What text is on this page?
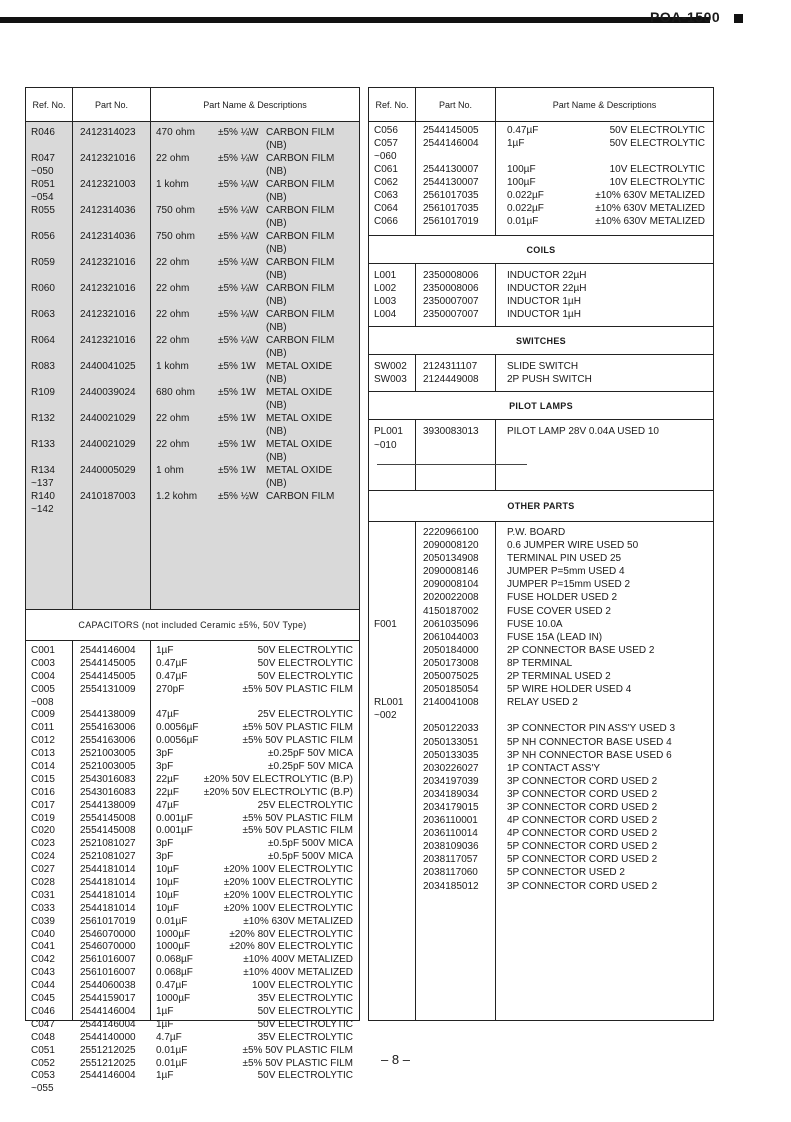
POA-1500
Ref. No.	Part No.	Part Name & Descriptions
R046	2412314023	470 ohm ±5% ¼W CARBON FILM
(NB)
R047	2412321016	22 ohm	±5% ¼W CARBON FILM
~050	(NB)
R051	2412321003	1 kohm	±5% ¼W CARBON FILM
~054	(NB)
R055	2412314036	750 ohm ±5% ¼W CARBON FILM
(NB)
R056	2412314036	750 ohm ±5% ¼W CARBON FILM
(NB)
R059	2412321016	22 ohm	±5% ¼W CARBON FILM
(NB)
R060	2412321016	22 ohm	±5% ¼W CARBON FILM
(NB)
R063	2412321016	22 ohm	±5% ¼W CARBON FILM
(NB)
R064	2412321016	22 ohm	±5% ¼W CARBON FILM
(NB)
R083	2440041025	1 kohm	±5% 1W METAL OXIDE
(NB)
R109	2440039024	680 ohm ±5% 1W METAL OXIDE
(NB)
R132	2440021029	22 ohm	±5% 1W METAL OXIDE
(NB)
R133	2440021029	22 ohm	±5% 1W METAL OXIDE
(NB)
R134	2440005029	1 ohm	±5% 1W METAL OXIDE
~137	(NB)
R140	2410187003	1.2 kohm ±5% ½W CARBON FILM
~142
CAPACITORS (not included Ceramic ±5%, 50V Type)
C001	2544146004	1µF	50V ELECTROLYTIC
C003	2544145005	0.47µF	50V ELECTROLYTIC
C004	2544145005	0.47µF	50V ELECTROLYTIC
C005	2554131009	270pF	±5% 50V PLASTIC FILM
~008
C009	2544138009	47µF	25V ELECTROLYTIC
C011	2554163006	0.0056µF	±5% 50V PLASTIC FILM
C012	2554163006	0.0056µF	±5% 50V PLASTIC FILM
C013	2521003005	3pF	±0.25pF 50V MICA
C014	2521003005	3pF	±0.25pF 50V MICA
C015	2543016083	22µF ±20% 50V ELECTROLYTIC (B.P)
C016	2543016083	22µF ±20% 50V ELECTROLYTIC (B.P)
C017	2544138009	47µF	25V ELECTROLYTIC
C019	2554145008	0.001µF	±5% 50V PLASTIC FILM
C020	2554145008	0.001µF	±5% 50V PLASTIC FILM
C023	2521081027	3pF	±0.5pF 500V MICA
C024	2521081027	3pF	±0.5pF 500V MICA
C027	2544181014	10µF	±20% 100V ELECTROLYTIC
C028	2544181014	10µF	±20% 100V ELECTROLYTIC
C031	2544181014	10µF	±20% 100V ELECTROLYTIC
C033	2544181014	10µF	±20% 100V ELECTROLYTIC
C039	2561017019	0.01µF	±10% 630V METALIZED
C040	2546070000	1000µF	±20% 80V ELECTROLYTIC
C041	2546070000	1000µF	±20% 80V ELECTROLYTIC
C042	2561016007	0.068µF	±10% 400V METALIZED
C043	2561016007	0.068µF	±10% 400V METALIZED
C044	2544060038	0.47µF	100V ELECTROLYTIC
C045	2544159017	1000µF	35V ELECTROLYTIC
C046	2544146004	1µF	50V ELECTROLYTIC
C047	2544146004	1µF	50V ELECTROLYTIC
C048	2544140000	4.7µF	35V ELECTROLYTIC
C051	2551212025	0.01µF	±5% 50V PLASTIC FILM
C052	2551212025	0.01µF	±5% 50V PLASTIC FILM
C053	2544146004	1µF	50V ELECTROLYTIC
~055
Ref. No.	Part No.	Part Name & Descriptions
C056	2544145005	0.47µF	50V ELECTROLYTIC
C057	2544146004	1µF	50V ELECTROLYTIC
~060
C061	2544130007	100µF	10V ELECTROLYTIC
C062	2544130007	100µF	10V ELECTROLYTIC
C063	2561017035	0.022µF	±10% 630V METALIZED
C064	2561017035	0.022µF	±10% 630V METALIZED
C066	2561017019	0.01µF	±10% 630V METALIZED
COILS
L001	2350008006	INDUCTOR 22µH
L002	2350008006	INDUCTOR 22µH
L003	2350007007	INDUCTOR 1µH
L004	2350007007	INDUCTOR 1µH
SWITCHES
SW002	2124311107	SLIDE SWITCH
SW003	2124449008	2P PUSH SWITCH
PILOT LAMPS
PL001	3930083013	PILOT LAMP 28V 0.04A USED 10
~010
OTHER PARTS
2220966100	P.W. BOARD
2090008120	0.6 JUMPER WIRE USED 50
2050134908	TERMINAL PIN USED 25
2090008146	JUMPER P=5mm USED 4
2090008104	JUMPER P=15mm USED 2
2020022008	FUSE HOLDER USED 2
4150187002	FUSE COVER USED 2
F001	2061035096	FUSE 10.0A
2061044003	FUSE 15A (LEAD IN)
2050184000	2P CONNECTOR BASE USED 2
2050173008	8P TERMINAL
2050075025	2P TERMINAL USED 2
2050185054	5P WIRE HOLDER USED 4
RL001	2140041008	RELAY USED 2
~002
2050122033	3P CONNECTOR PIN ASS'Y USED 3
2050133051	5P NH CONNECTOR BASE USED 4
2050133035	3P NH CONNECTOR BASE USED 6
2030226027	1P CONTACT ASS'Y
2034197039	3P CONNECTOR CORD USED 2
2034189034	3P CONNECTOR CORD USED 2
2034179015	3P CONNECTOR CORD USED 2
2036110001	4P CONNECTOR CORD USED 2
2036110014	4P CONNECTOR CORD USED 2
2038109036	5P CONNECTOR CORD USED 2
2038117057	5P CONNECTOR CORD USED 2
2038117060	5P CONNECTOR USED 2
2034185012	3P CONNECTOR CORD USED 2
– 8 –
